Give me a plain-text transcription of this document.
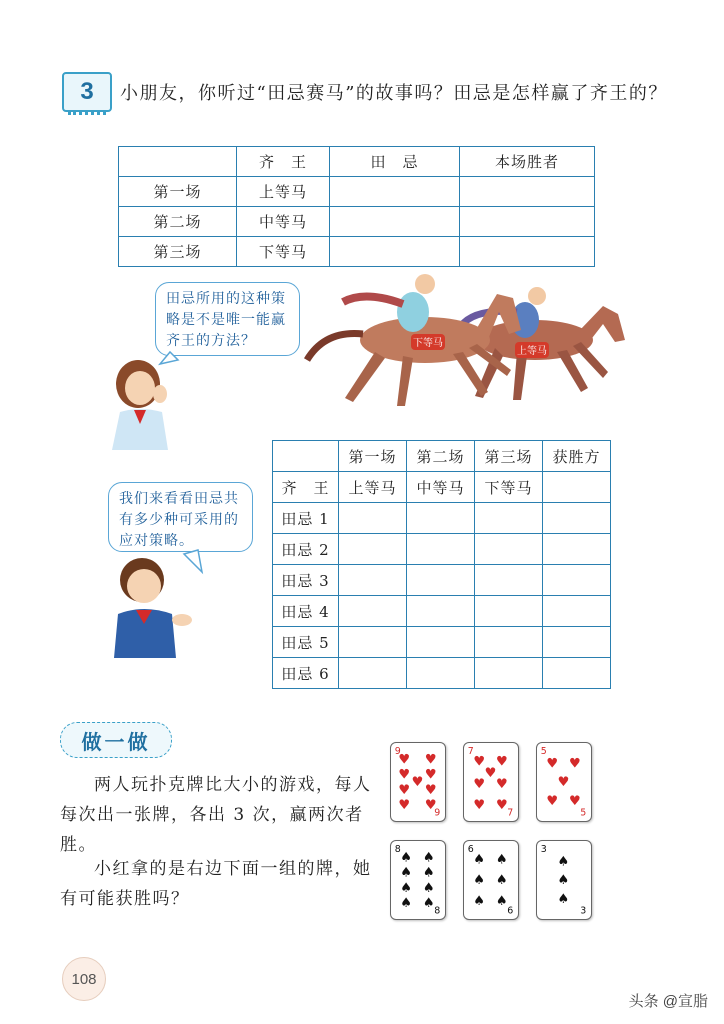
3 小朋友，你听过“田忌赛马”的故事吗？田忌是怎样赢了齐王的？
	齐　王	田　忌	本场胜者
第一场	上等马		
第二场	中等马		
第三场	下等马		
下等马
上等马
田忌所用的这种策略是不是唯一能赢齐王的方法？
我们来看看田忌共有多少种可采用的应对策略。
	第一场	第二场	第三场	获胜方
齐　王	上等马	中等马	下等马	
田忌 1				
田忌 2				
田忌 3				
田忌 4				
田忌 5				
田忌 6				
做一做
两人玩扑克牌比大小的游戏，每人每次出一张牌，各出 3 次，赢两次者胜。
小红拿的是右边下面一组的牌，她有可能获胜吗？
9
9
♥ ♥
♥ ♥
♥
♥ ♥
♥ ♥
7
7
♥ ♥
♥
♥ ♥
♥ ♥
5
5
♥ ♥
♥
♥ ♥
8
8
♠ ♠
♠ ♠
♠ ♠
♠ ♠
6
6
♠ ♠
♠ ♠
♠ ♠
3
3
♠
♠
♠
108
头条 @宣脂
